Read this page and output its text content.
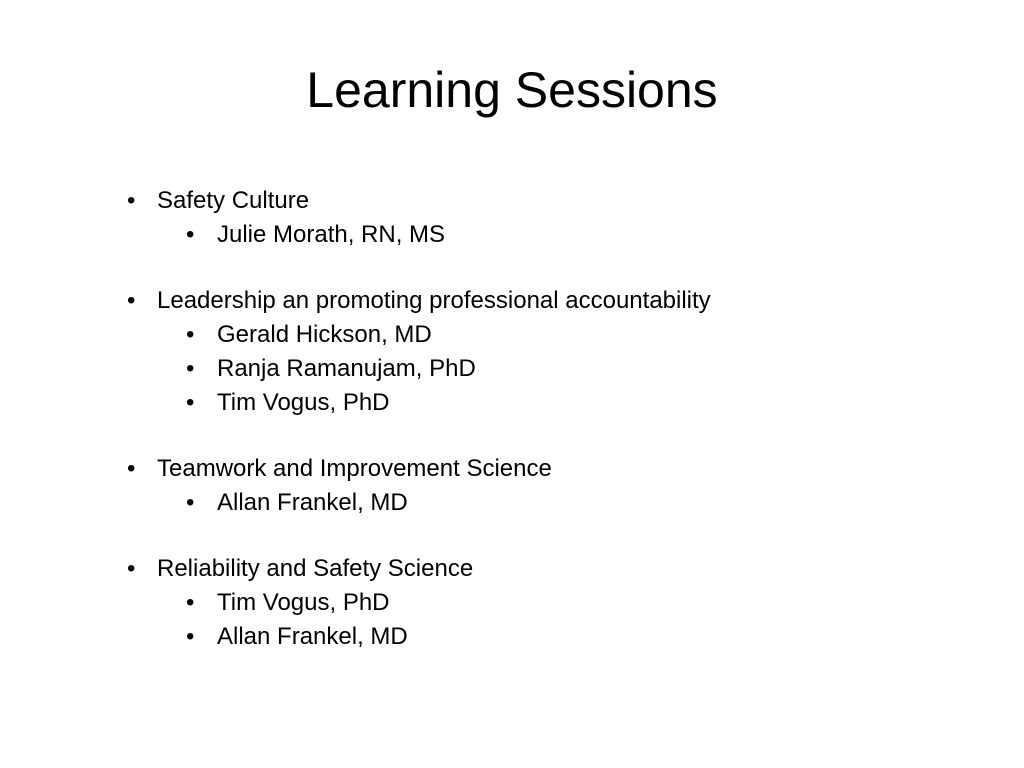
Learning Sessions
• Safety Culture
• Julie Morath, RN, MS
• Leadership an promoting professional accountability
• Gerald Hickson, MD
• Ranja Ramanujam, PhD
• Tim Vogus, PhD
• Teamwork and Improvement Science
• Allan Frankel, MD
• Reliability and Safety Science
• Tim Vogus, PhD
• Allan Frankel, MD
